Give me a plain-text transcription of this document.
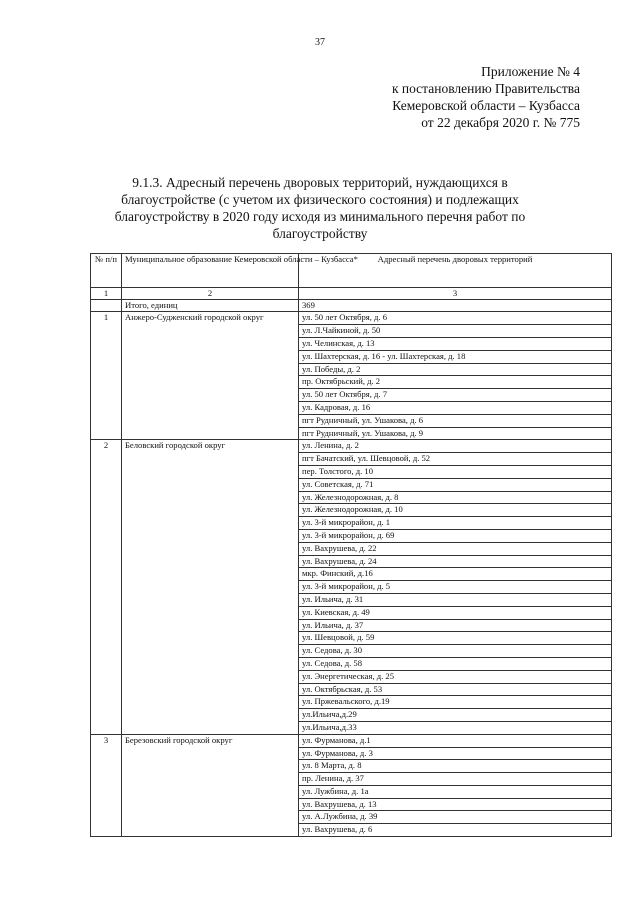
37
Приложение № 4
к постановлению Правительства
Кемеровской области – Кузбасса
от 22 декабря 2020 г. № 775
9.1.3. Адресный перечень дворовых территорий, нуждающихся в благоустройстве (с учетом их физического состояния) и подлежащих благоустройству в 2020 году исходя из минимального перечня работ по благоустройству
№ п/п	Муниципальное образование Кемеровской области – Кузбасса*	Адресный перечень дворовых территорий
1	2	3
	Итого, единиц	369
1	Анжеро-Судженский городской округ	ул. 50 лет Октября, д. 6
		ул. Л.Чайкиной, д. 50
		ул. Челинская, д. 13
		ул. Шахтерская, д. 16 - ул. Шахтерская, д. 18
		ул. Победы, д. 2
		пр. Октябрьский, д. 2
		ул. 50 лет Октября, д. 7
		ул. Кадровая, д. 16
		пгт Рудничный, ул. Ушакова, д. 6
		пгт Рудничный, ул. Ушакова, д. 9
2	Беловский городской округ	ул. Ленина, д. 2
		пгт Бачатский, ул. Шевцовой, д. 52
		пер. Толстого, д. 10
		ул. Советская, д. 71
		ул. Железнодорожная, д. 8
		ул. Железнодорожная, д. 10
		ул. 3-й микрорайон, д. 1
		ул. 3-й микрорайон, д. 69
		ул. Вахрушева, д. 22
		ул. Вахрушева, д. 24
		мкр. Финский, д.16
		ул. 3-й микрорайон, д. 5
		ул. Ильича, д. 31
		ул. Киевская, д. 49
		ул. Ильича, д. 37
		ул. Шевцовой, д. 59
		ул. Седова, д. 30
		ул. Седова, д. 58
		ул. Энергетическая, д. 25
		ул. Октябрьская, д. 53
		ул. Пржевальского, д.19
		ул.Ильича,д.29
		ул.Ильича,д.33
3	Березовский городской округ	ул. Фурманова, д.1
		ул. Фурманова, д. 3
		ул. 8 Марта, д. 8
		пр. Ленина, д. 37
		ул. Лужбина, д. 1а
		ул. Вахрушева, д. 13
		ул. А.Лужбина, д. 39
		ул. Вахрушева, д. 6
